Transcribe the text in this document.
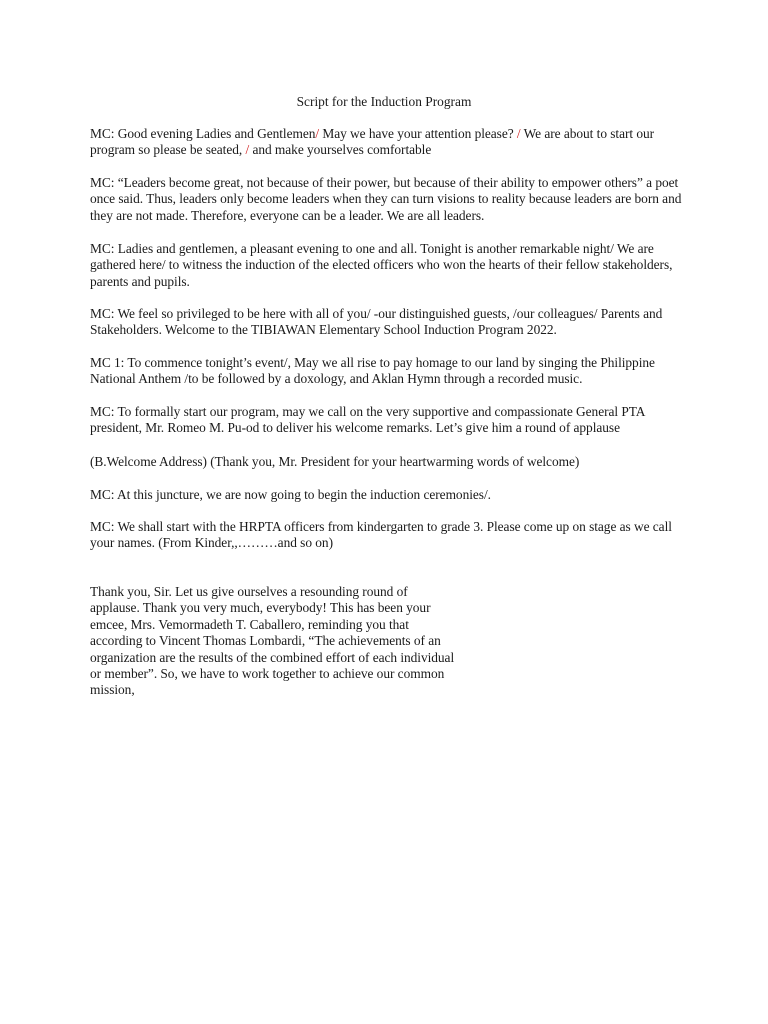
Script for the Induction Program

MC: Good evening Ladies and Gentlemen/ May we have your attention please? / We are about to start our program so please be seated, / and make yourselves comfortable

MC: “Leaders become great, not because of their power, but because of their ability to empower others” a poet once said. Thus, leaders only become leaders when they can turn visions to reality because leaders are born and they are not made. Therefore, everyone can be a leader. We are all leaders.

MC: Ladies and gentlemen, a pleasant evening to one and all. Tonight is another remarkable night/ We are gathered here/ to witness the induction of the elected officers who won the hearts of their fellow stakeholders, parents and pupils.

MC: We feel so privileged to be here with all of you/ -our distinguished guests, /our colleagues/ Parents and Stakeholders. Welcome to the TIBIAWAN Elementary School Induction Program 2022.

MC 1: To commence tonight’s event/, May we all rise to pay homage to our land by singing the Philippine National Anthem /to be followed by a doxology, and Aklan Hymn through a recorded music.

MC: To formally start our program, may we call on the very supportive and compassionate General PTA president, Mr. Romeo M. Pu-od to deliver his welcome remarks. Let’s give him a round of applause

(B.Welcome Address) (Thank you, Mr. President for your heartwarming words of welcome)

MC: At this juncture, we are now going to begin the induction ceremonies/.

MC: We shall start with the HRPTA officers from kindergarten to grade 3. Please come up on stage as we call your names. (From Kinder,,………and so on)

Thank you, Sir. Let us give ourselves a resounding round of applause. Thank you very much, everybody! This has been your emcee, Mrs. Vemormadeth T. Caballero, reminding you that according to Vincent Thomas Lombardi, “The achievements of an organization are the results of the combined effort of each individual or member”. So, we have to work together to achieve our common mission,
